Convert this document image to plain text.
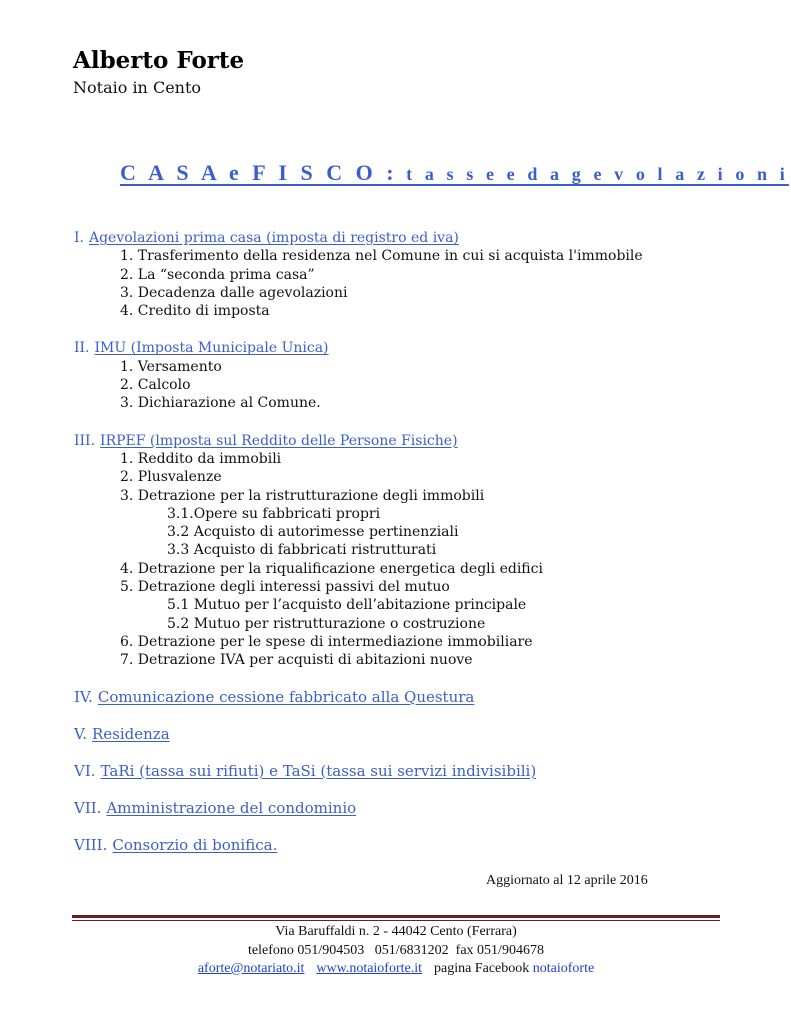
Alberto Forte
Notaio in Cento
C A S A e F I S C O : t a s s e e d a g e v o l a z i o n i
I. Agevolazioni prima casa (imposta di registro ed iva)
1. Trasferimento della residenza nel Comune in cui si acquista l'immobile
2. La “seconda prima casa”
3. Decadenza dalle agevolazioni
4. Credito di imposta
II. IMU (Imposta Municipale Unica)
1. Versamento
2. Calcolo
3. Dichiarazione al Comune.
III. IRPEF (lmposta sul Reddito delle Persone Fisiche)
1. Reddito da immobili
2. Plusvalenze
3. Detrazione per la ristrutturazione degli immobili
3.1.Opere su fabbricati propri
3.2 Acquisto di autorimesse pertinenziali
3.3 Acquisto di fabbricati ristrutturati
4. Detrazione per la riqualificazione energetica degli edifici
5. Detrazione degli interessi passivi del mutuo
5.1 Mutuo per l’acquisto dell’abitazione principale
5.2 Mutuo per ristrutturazione o costruzione
6. Detrazione per le spese di intermediazione immobiliare
7. Detrazione IVA per acquisti di abitazioni nuove
IV. Comunicazione cessione fabbricato alla Questura
V. Residenza
VI. TaRi (tassa sui rifiuti) e TaSi (tassa sui servizi indivisibili)
VII. Amministrazione del condominio
VIII. Consorzio di bonifica.
Aggiornato al 12 aprile 2016
Via Baruffaldi n. 2 - 44042 Cento (Ferrara)
telefono 051/904503   051/6831202  fax 051/904678
aforte@notariato.it www.notaioforte.it pagina Facebook notaioforte
